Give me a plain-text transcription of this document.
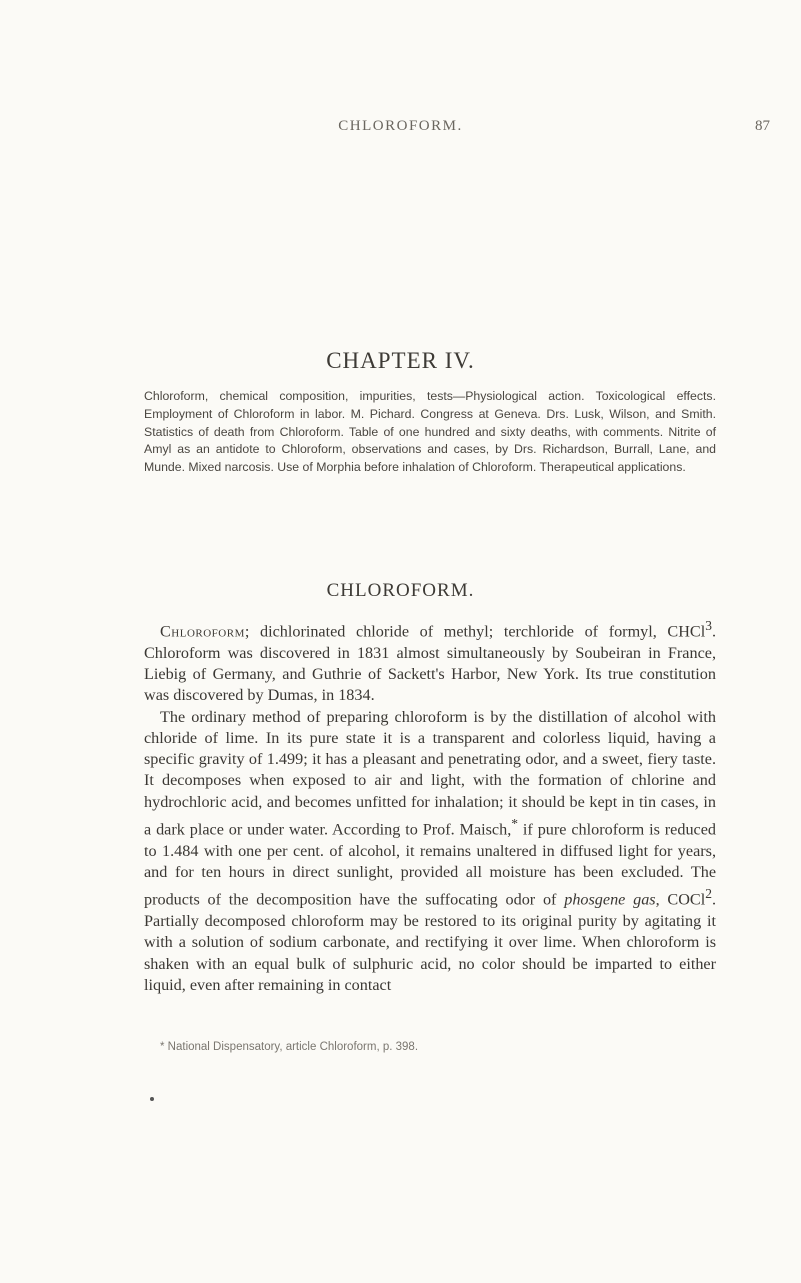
CHLOROFORM.	87
CHAPTER IV.
Chloroform, chemical composition, impurities, tests—Physiological action. Toxicological effects. Employment of Chloroform in labor. M. Pichard. Congress at Geneva. Drs. Lusk, Wilson, and Smith. Statistics of death from Chloroform. Table of one hundred and sixty deaths, with comments. Nitrite of Amyl as an antidote to Chloroform, observations and cases, by Drs. Richardson, Burrall, Lane, and Munde. Mixed narcosis. Use of Morphia before inhalation of Chloroform. Therapeutical applications.
CHLOROFORM.

Chloroform; dichlorinated chloride of methyl; terchloride of formyl, CHCl$^3$. Chloroform was discovered in 1831 almost simultaneously by Soubeiran in France, Liebig of Germany, and Guthrie of Sackett's Harbor, New York. Its true constitution was discovered by Dumas, in 1834.

The ordinary method of preparing chloroform is by the distillation of alcohol with chloride of lime. In its pure state it is a transparent and colorless liquid, having a specific gravity of 1.499; it has a pleasant and penetrating odor, and a sweet, fiery taste. It decomposes when exposed to air and light, with the formation of chlorine and hydrochloric acid, and becomes unfitted for inhalation; it should be kept in tin cases, in a dark place or under water. According to Prof. Maisch,* if pure chloroform is reduced to 1.484 with one per cent. of alcohol, it remains unaltered in diffused light for years, and for ten hours in direct sunlight, provided all moisture has been excluded. The products of the decomposition have the suffocating odor of phosgene gas, COCl$^2$. Partially decomposed chloroform may be restored to its original purity by agitating it with a solution of sodium carbonate, and rectifying it over lime. When chloroform is shaken with an equal bulk of sulphuric acid, no color should be imparted to either liquid, even after remaining in contact

* National Dispensatory, article Chloroform, p. 398.
